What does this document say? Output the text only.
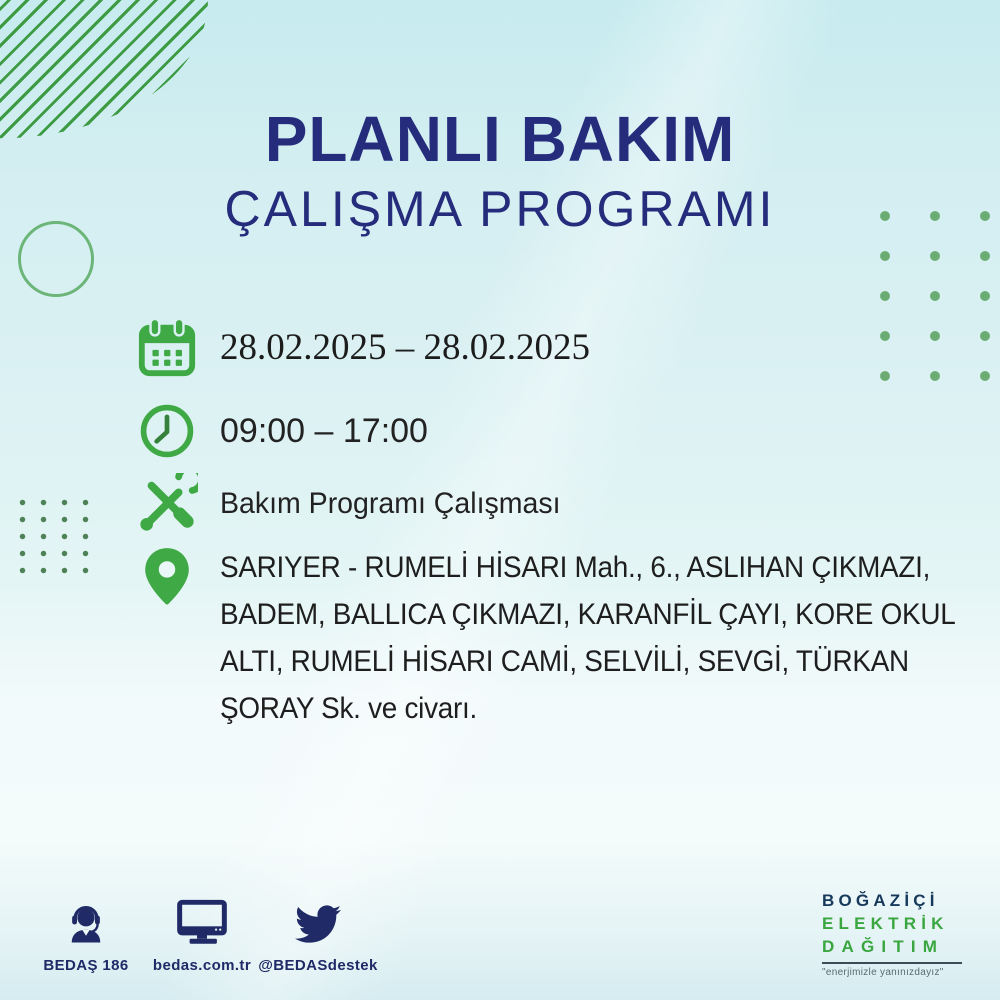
PLANLI BAKIM
ÇALIŞMA PROGRAMI
28.02.2025 – 28.02.2025
09:00 – 17:00
Bakım Programı Çalışması
SARIYER - RUMELİ HİSARI Mah., 6., ASLIHAN ÇIKMAZI, BADEM, BALLICA ÇIKMAZI, KARANFİL ÇAYI, KORE OKUL ALTI, RUMELİ HİSARI CAMİ, SELVİLİ, SEVGİ, TÜRKAN ŞORAY Sk. ve civarı.
BEDAŞ 186 bedas.com.tr @BEDASdestek
BOĞAZİÇİ
ELEKTRİK
DAĞITIM
"enerjimizle yanınızdayız"
